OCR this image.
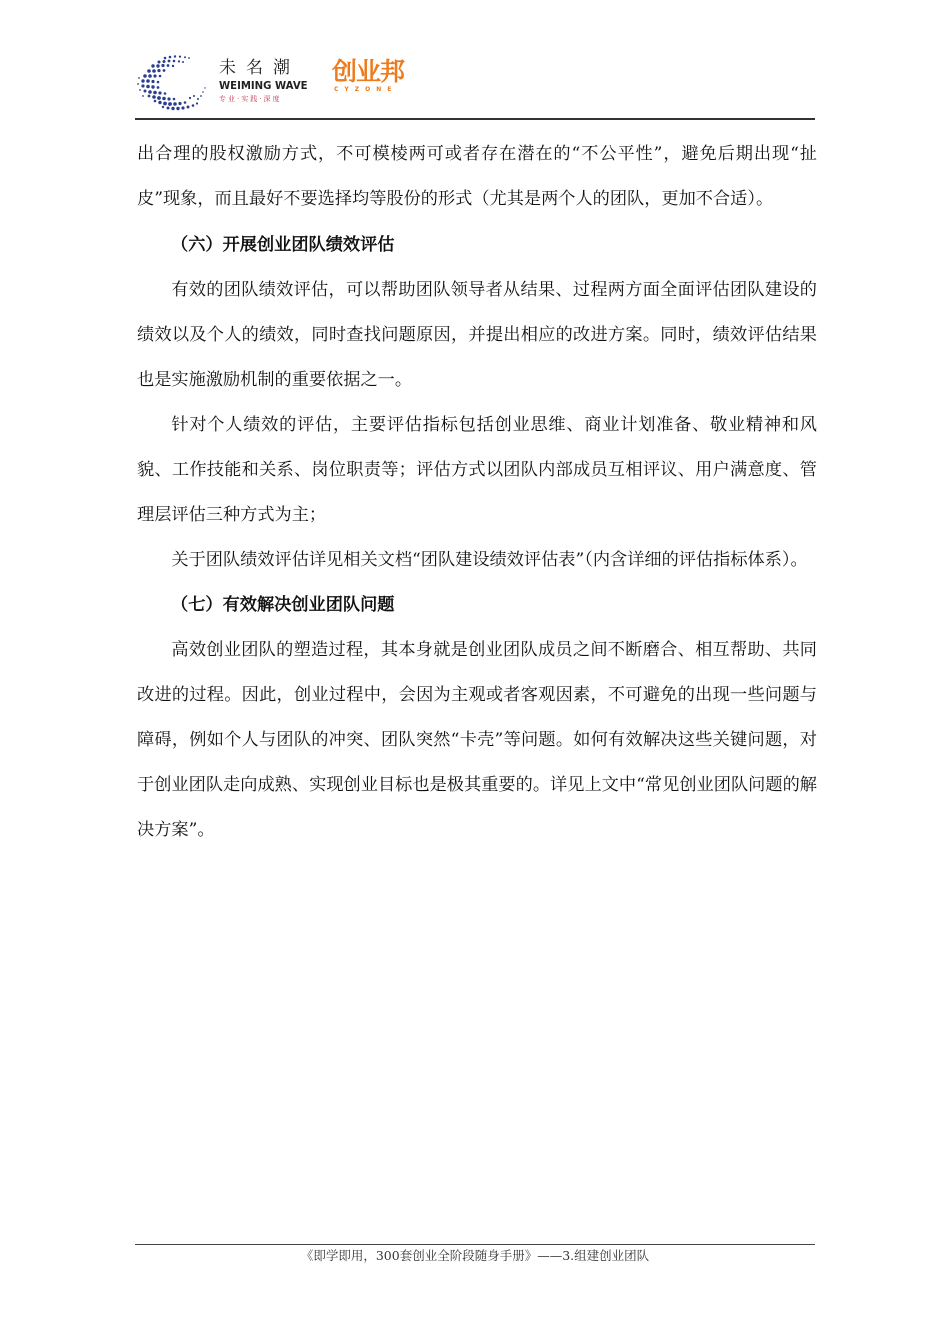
未名潮
WEIMING WAVE
专业·实践·深度
创业邦
CYZONE

出合理的股权激励方式，不可模棱两可或者存在潜在的“不公平性”，避免后期出现“扯皮”现象，而且最好不要选择均等股份的形式（尤其是两个人的团队，更加不合适）。

（六）开展创业团队绩效评估

有效的团队绩效评估，可以帮助团队领导者从结果、过程两方面全面评估团队建设的绩效以及个人的绩效，同时查找问题原因，并提出相应的改进方案。同时，绩效评估结果也是实施激励机制的重要依据之一。

针对个人绩效的评估，主要评估指标包括创业思维、商业计划准备、敬业精神和风貌、工作技能和关系、岗位职责等；评估方式以团队内部成员互相评议、用户满意度、管理层评估三种方式为主；

关于团队绩效评估详见相关文档“团队建设绩效评估表”（内含详细的评估指标体系）。

（七）有效解决创业团队问题

高效创业团队的塑造过程，其本身就是创业团队成员之间不断磨合、相互帮助、共同改进的过程。因此，创业过程中，会因为主观或者客观因素，不可避免的出现一些问题与障碍，例如个人与团队的冲突、团队突然“卡壳”等问题。如何有效解决这些关键问题，对于创业团队走向成熟、实现创业目标也是极其重要的。详见上文中“常见创业团队问题的解决方案”。

《即学即用，300套创业全阶段随身手册》——3.组建创业团队
